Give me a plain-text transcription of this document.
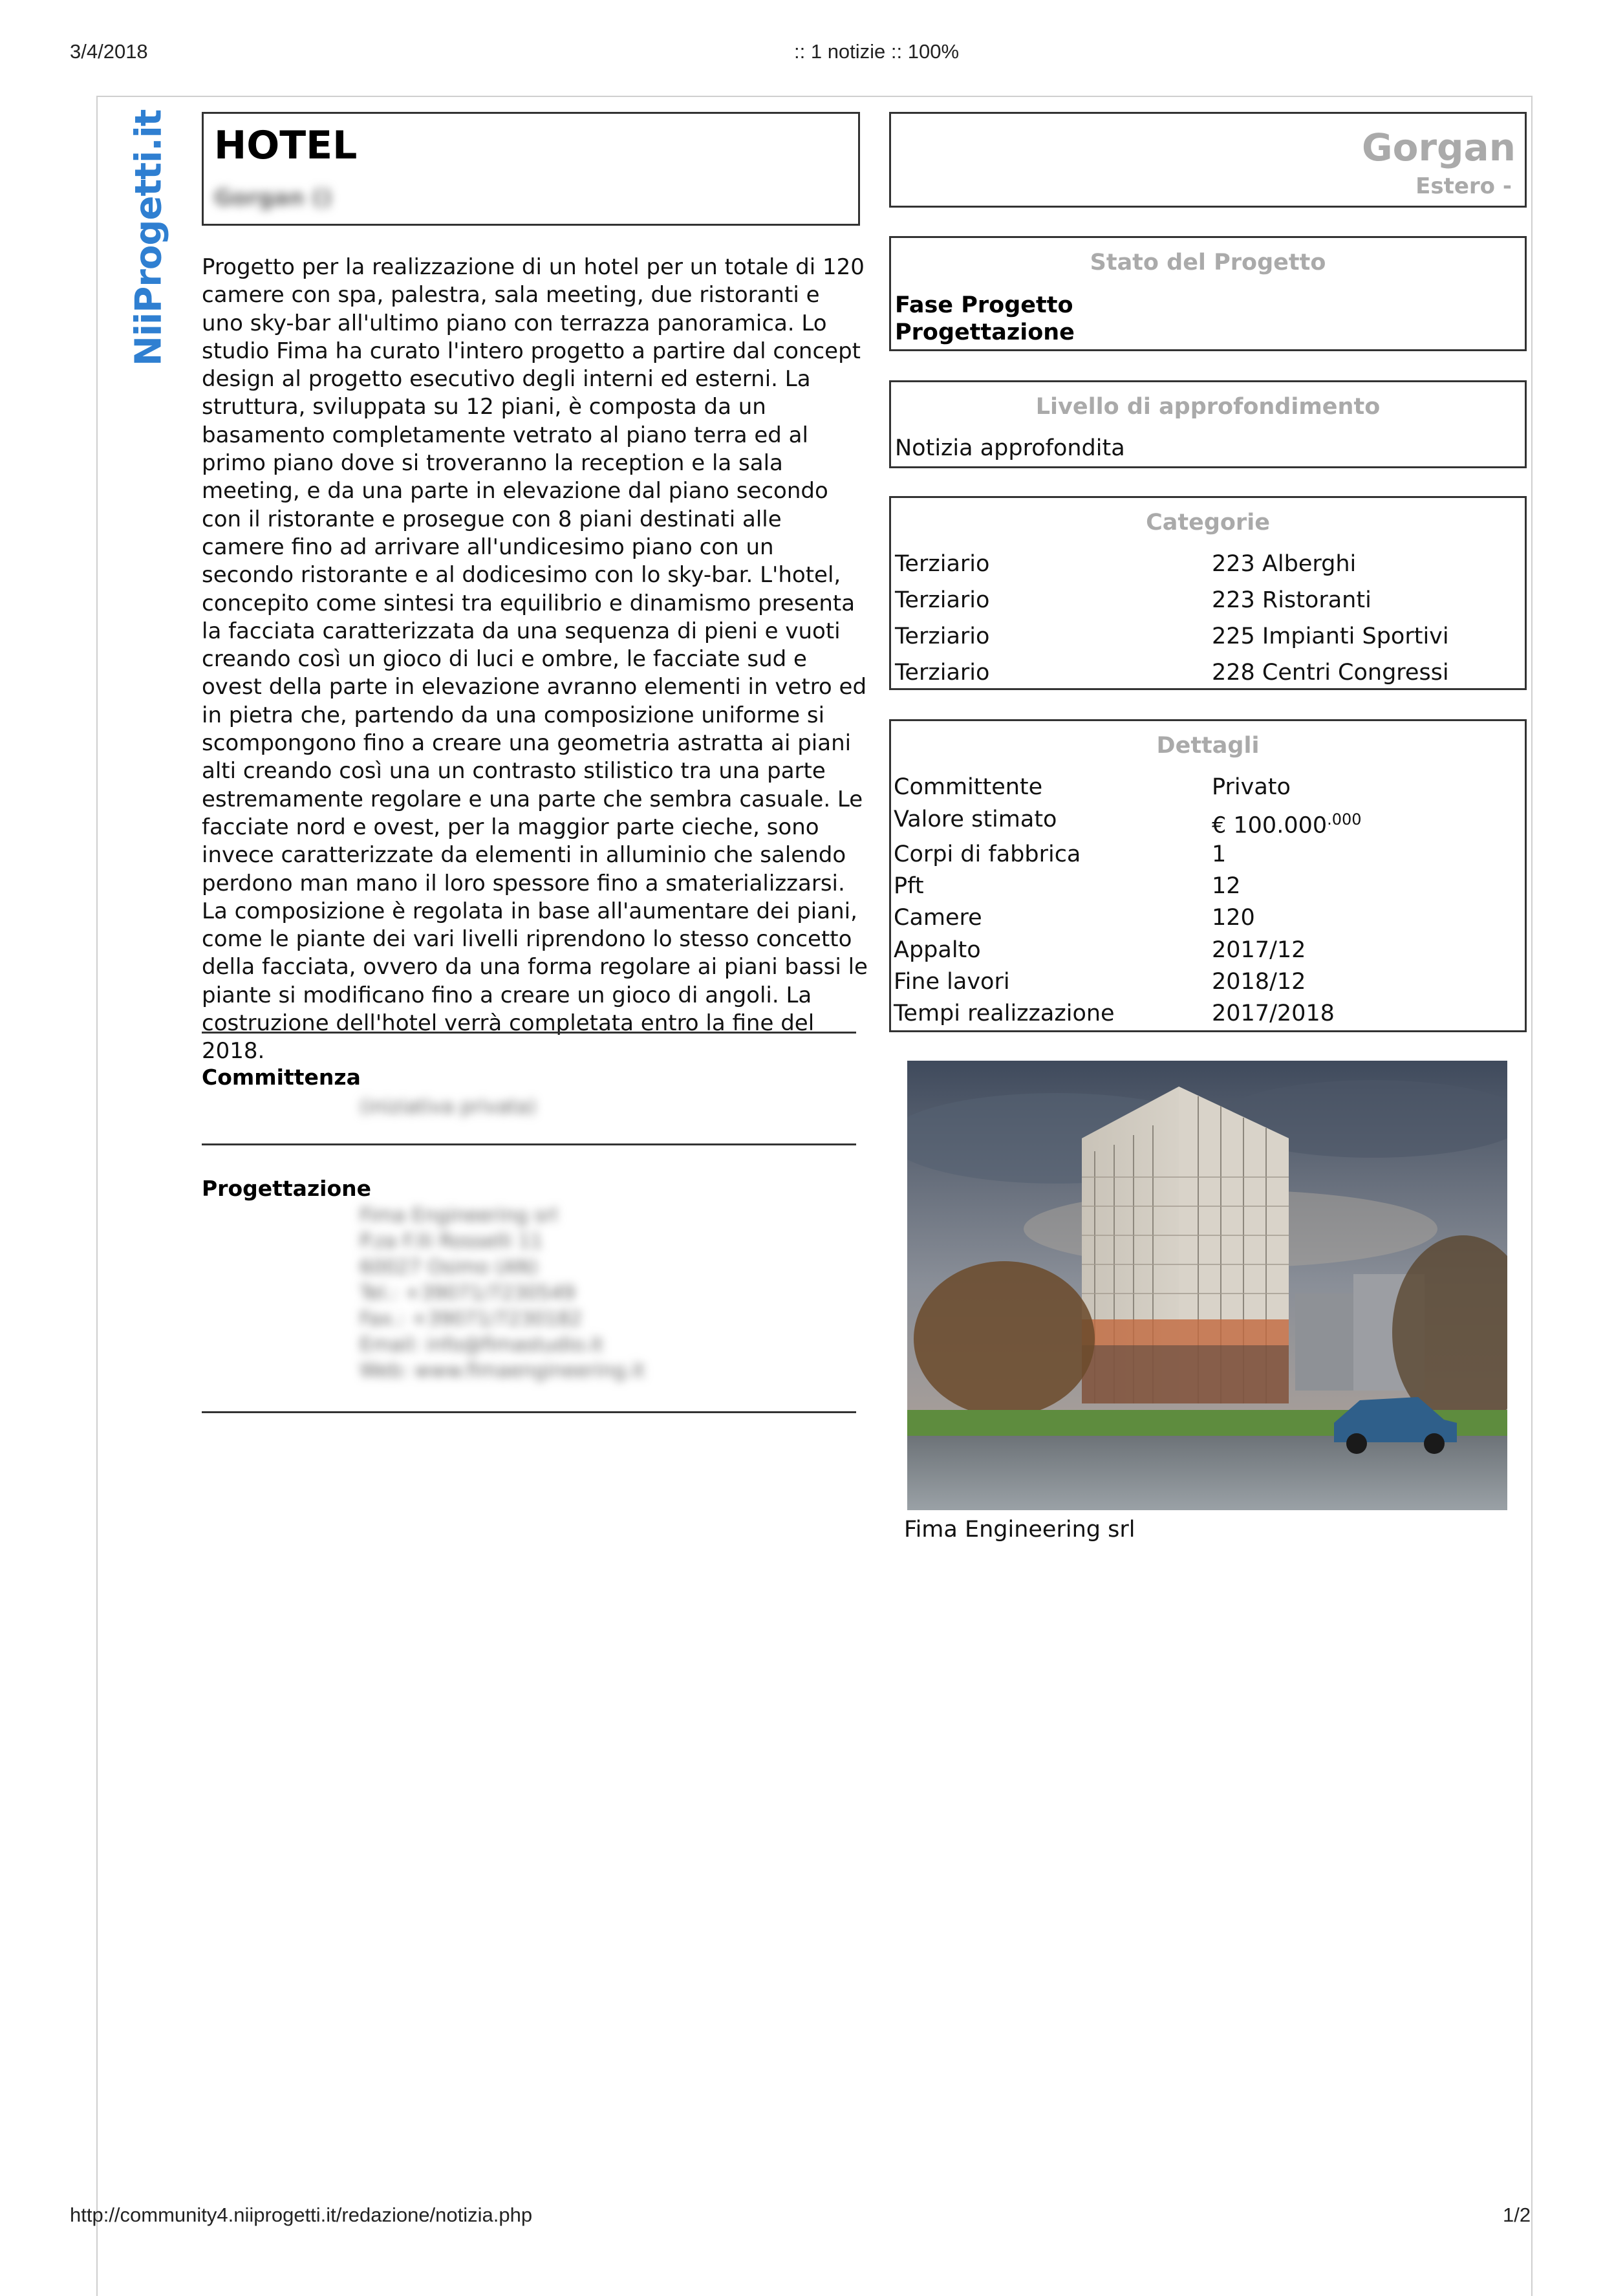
3/4/2018	:: 1 notizie :: 100%
NiiProgetti.it HOTEL
Gorgan ()
Progetto per la realizzazione di un hotel per un totale di 120 camere con spa, palestra, sala meeting, due ristoranti e uno sky-bar all'ultimo piano con terrazza panoramica. Lo studio Fima ha curato l'intero progetto a partire dal concept design al progetto esecutivo degli interni ed esterni. La struttura, sviluppata su 12 piani, è composta da un basamento completamente vetrato al piano terra ed al primo piano dove si troveranno la reception e la sala meeting, e da una parte in elevazione dal piano secondo con il ristorante e prosegue con 8 piani destinati alle camere fino ad arrivare all'undicesimo piano con un secondo ristorante e al dodicesimo con lo sky-bar. L'hotel, concepito come sintesi tra equilibrio e dinamismo presenta la facciata caratterizzata da una sequenza di pieni e vuoti creando così un gioco di luci e ombre, le facciate sud e ovest della parte in elevazione avranno elementi in vetro ed in pietra che, partendo da una composizione uniforme si scompongono fino a creare una geometria astratta ai piani alti creando così una un contrasto stilistico tra una parte estremamente regolare e una parte che sembra casuale. Le facciate nord e ovest, per la maggior parte cieche, sono invece caratterizzate da elementi in alluminio che salendo perdono man mano il loro spessore fino a smaterializzarsi. La composizione è regolata in base all'aumentare dei piani, come le piante dei vari livelli riprendono lo stesso concetto della facciata, ovvero da una forma regolare ai piani bassi le piante si modificano fino a creare un gioco di angoli. La costruzione dell'hotel verrà completata entro la fine del 2018.
Committenza
(iniziativa privata)
Progettazione
Fima Engineering srl
P.za F.lli Rosselli 11
60027 Osimo (AN)
Tel.: +39071/7230549
Fax.: +39071/7230182
Email: info@fimastudio.it
Web: www.fimaengineering.it
Gorgan
Estero -
Stato del Progetto
Fase Progetto
Progettazione
Livello di approfondimento
Notizia approfondita
Categorie
Terziario	223 Alberghi
Terziario	223 Ristoranti
Terziario	225 Impianti Sportivi
Terziario	228 Centri Congressi
Dettagli
Committente	Privato
Valore stimato	€ $100.000^{.000}$
Corpi di fabbrica	1
Pft	12
Camere	120
Appalto	2017/12
Fine lavori	2018/12
Tempi realizzazione	2017/2018
Fima Engineering srl
http://community4.niiprogetti.it/redazione/notizia.php	1/2
